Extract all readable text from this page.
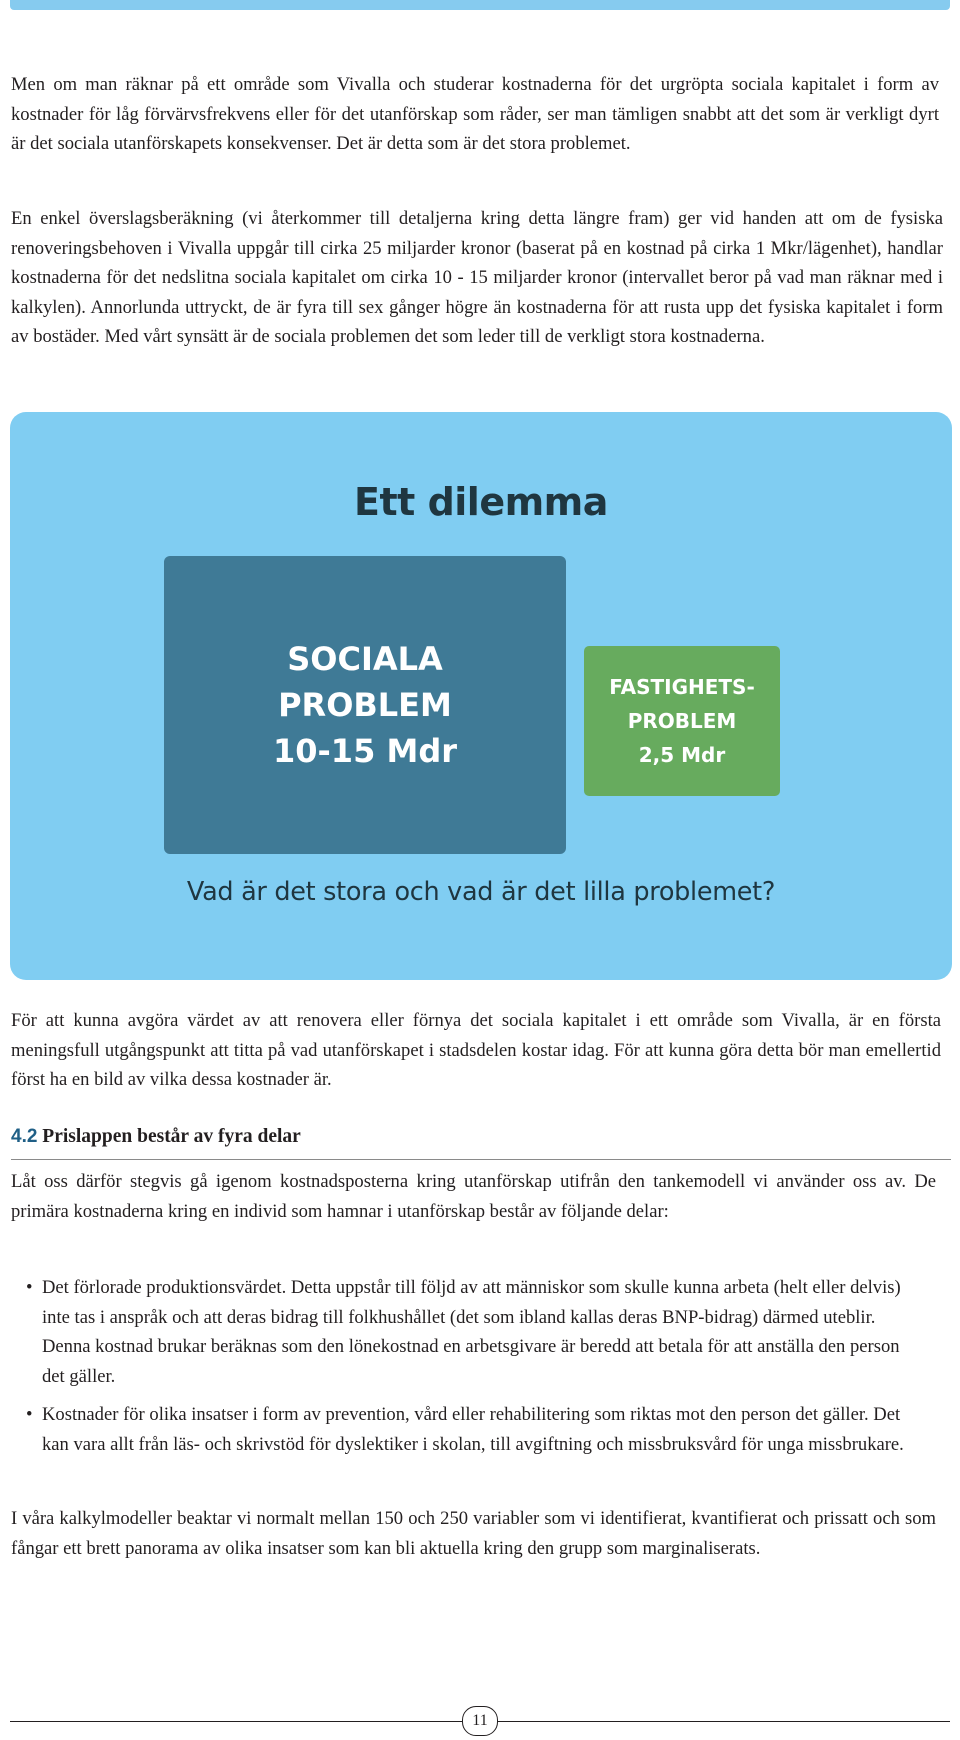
Men om man räknar på ett område som Vivalla och studerar kostnaderna för det urgröpta sociala kapitalet i form av kostnader för låg förvärvsfrekvens eller för det utanförskap som råder, ser man tämligen snabbt att det som är verkligt dyrt är det sociala utanförskapets konsekvenser. Det är detta som är det stora problemet.

En enkel överslagsberäkning (vi återkommer till detaljerna kring detta längre fram) ger vid handen att om de fysiska renoveringsbehoven i Vivalla uppgår till cirka 25 miljarder kronor (baserat på en kostnad på cirka 1 Mkr/lägenhet), handlar kostnaderna för det nedslitna sociala kapitalet om cirka 10 - 15 miljarder kronor (intervallet beror på vad man räknar med i kalkylen). Annorlunda uttryckt, de är fyra till sex gånger högre än kostnaderna för att rusta upp det fysiska kapitalet i form av bostäder. Med vårt synsätt är de sociala problemen det som leder till de verkligt stora kostnaderna.

Ett dilemma
SOCIALA
PROBLEM
10-15 Mdr
FASTIGHETS-
PROBLEM
2,5 Mdr

Vad är det stora och vad är det lilla problemet?

För att kunna avgöra värdet av att renovera eller förnya det sociala kapitalet i ett område som Vivalla, är en första meningsfull utgångspunkt att titta på vad utanförskapet i stadsdelen kostar idag. För att kunna göra detta bör man emellertid först ha en bild av vilka dessa kostnader är.

4.2 Prislappen består av fyra delar

Låt oss därför stegvis gå igenom kostnadsposterna kring utanförskap utifrån den tankemodell vi använder oss av. De primära kostnaderna kring en individ som hamnar i utanförskap består av följande delar:

• Det förlorade produktionsvärdet. Detta uppstår till följd av att människor som skulle kunna arbeta (helt eller delvis) inte tas i anspråk och att deras bidrag till folkhushållet (det som ibland kallas deras BNP-bidrag) därmed uteblir. Denna kostnad brukar beräknas som den lönekostnad en arbetsgivare är beredd att betala för att anställa den person det gäller.
• Kostnader för olika insatser i form av prevention, vård eller rehabilitering som riktas mot den person det gäller. Det kan vara allt från läs- och skrivstöd för dyslektiker i skolan, till avgiftning och missbruksvård för unga missbrukare.

I våra kalkylmodeller beaktar vi normalt mellan 150 och 250 variabler som vi identifierat, kvantifierat och prissatt och som fångar ett brett panorama av olika insatser som kan bli aktuella kring den grupp som marginaliserats.

11
